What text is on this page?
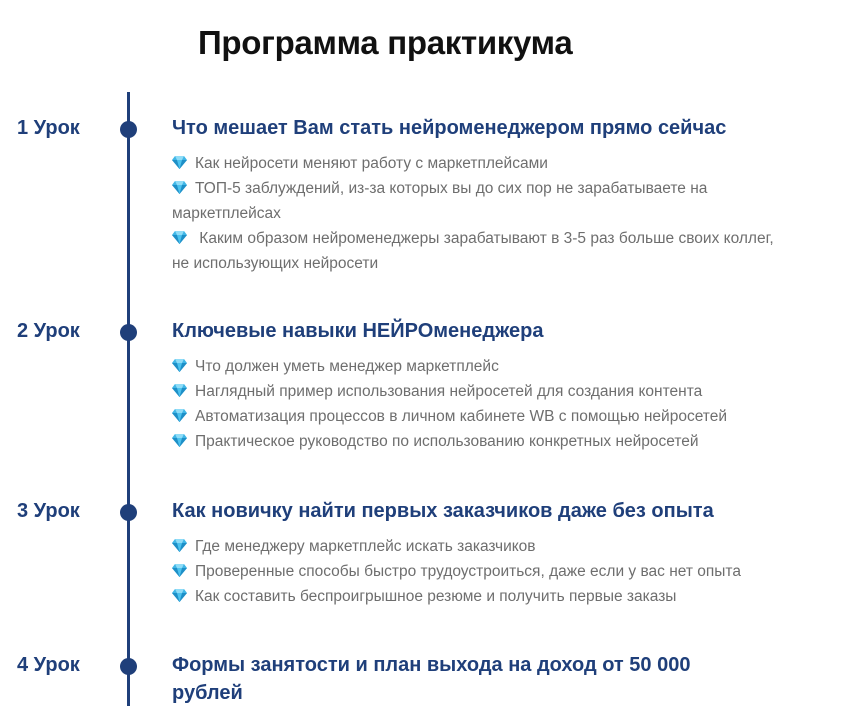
Программа практикума
1 Урок	Что мешает Вам стать нейроменеджером прямо сейчас
Как нейросети меняют работу с маркетплейсами
ТОП-5 заблуждений, из-за которых вы до сих пор не зарабатываете на маркетплейсах
Каким образом нейроменеджеры зарабатывают в 3-5 раз больше своих коллег, не использующих нейросети
2 Урок	Ключевые навыки НЕЙРОменеджера
Что должен уметь менеджер маркетплейс
Наглядный пример использования нейросетей для создания контента
Автоматизация процессов в личном кабинете WB с помощью нейросетей
Практическое руководство по использованию конкретных нейросетей
3 Урок	Как новичку найти первых заказчиков даже без опыта
Где менеджеру маркетплейс искать заказчиков
Проверенные способы быстро трудоустроиться, даже если у вас нет опыта
Как составить беспроигрышное резюме и получить первые заказы
4 Урок	Формы занятости и план выхода на доход от 50 000 рублей
